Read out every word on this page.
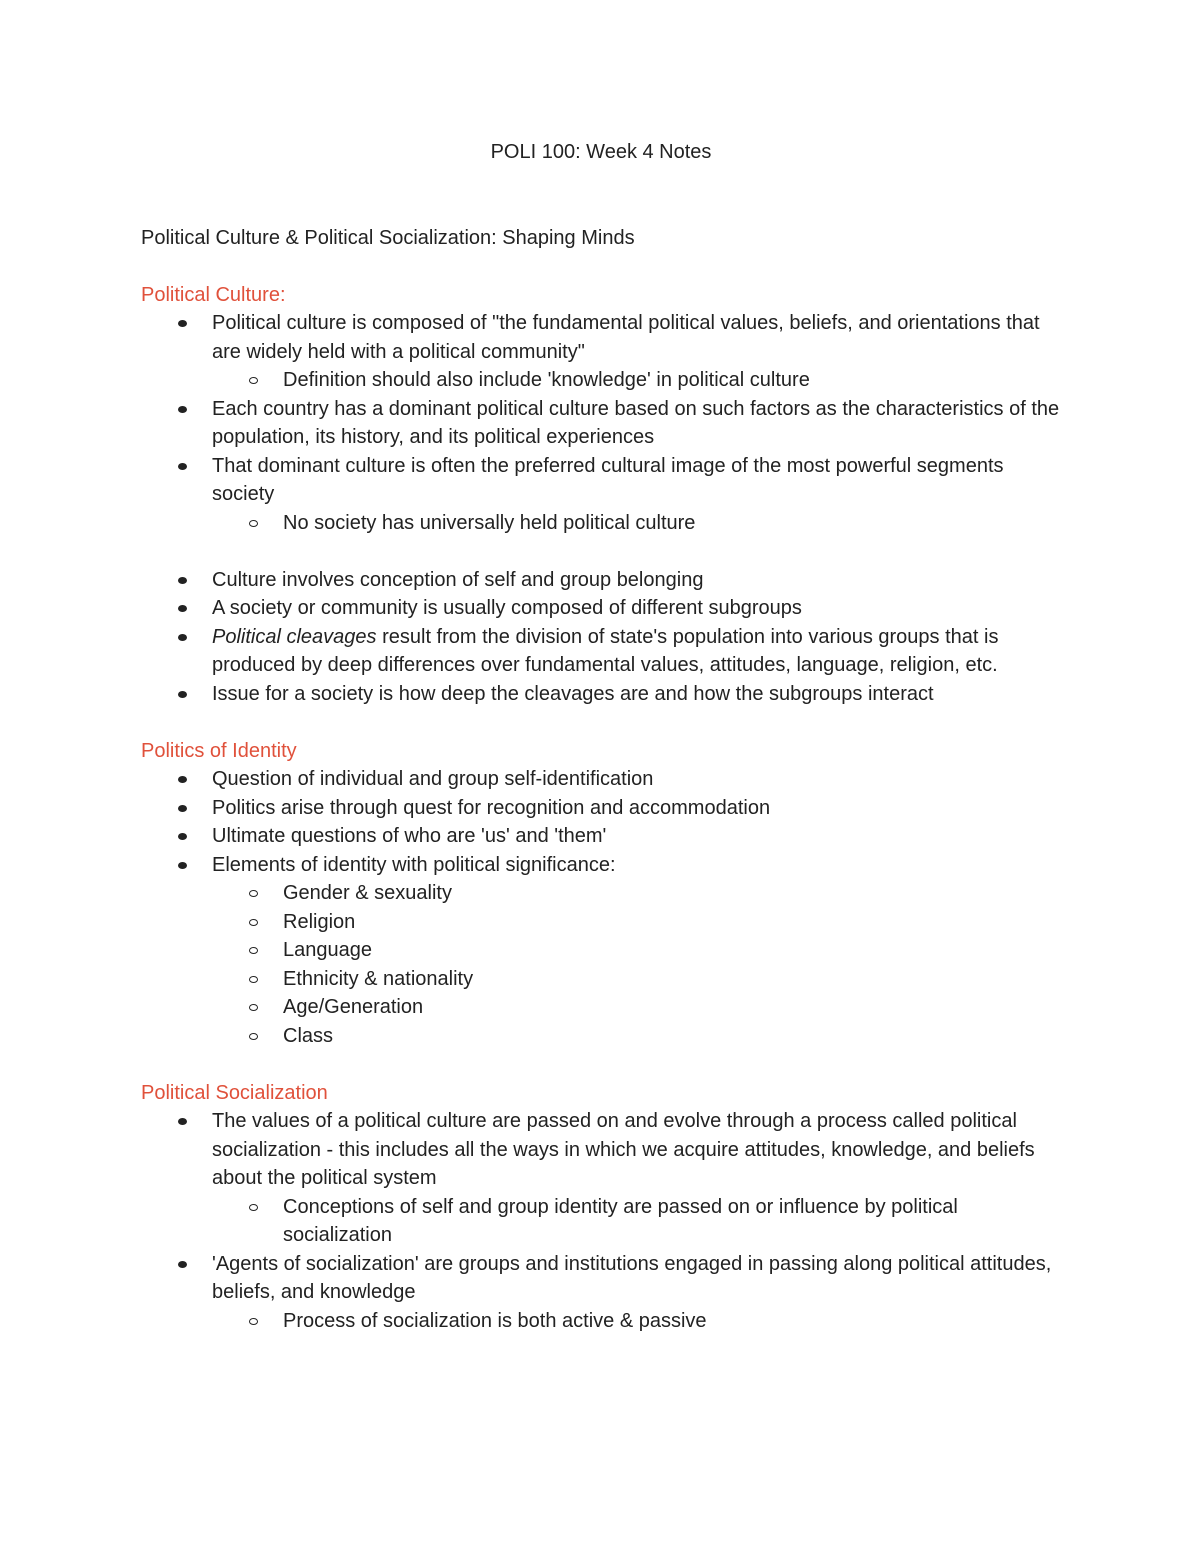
POLI 100: Week 4 Notes
Political Culture & Political Socialization: Shaping Minds
Political Culture:
Political culture is composed of "the fundamental political values, beliefs, and orientations that are widely held with a political community"
Definition should also include 'knowledge' in political culture
Each country has a dominant political culture based on such factors as the characteristics of the population, its history, and its political experiences
That dominant culture is often the preferred cultural image of the most powerful segments society
No society has universally held political culture
Culture involves conception of self and group belonging
A society or community is usually composed of different subgroups
Political cleavages result from the division of state's population into various groups that is produced by deep differences over fundamental values, attitudes, language, religion, etc.
Issue for a society is how deep the cleavages are and how the subgroups interact
Politics of Identity
Question of individual and group self-identification
Politics arise through quest for recognition and accommodation
Ultimate questions of who are 'us' and 'them'
Elements of identity with political significance:
Gender & sexuality
Religion
Language
Ethnicity & nationality
Age/Generation
Class
Political Socialization
The values of a political culture are passed on and evolve through a process called political socialization - this includes all the ways in which we acquire attitudes, knowledge, and beliefs about the political system
Conceptions of self and group identity are passed on or influence by political socialization
'Agents of socialization' are groups and institutions engaged in passing along political attitudes, beliefs, and knowledge
Process of socialization is both active & passive
